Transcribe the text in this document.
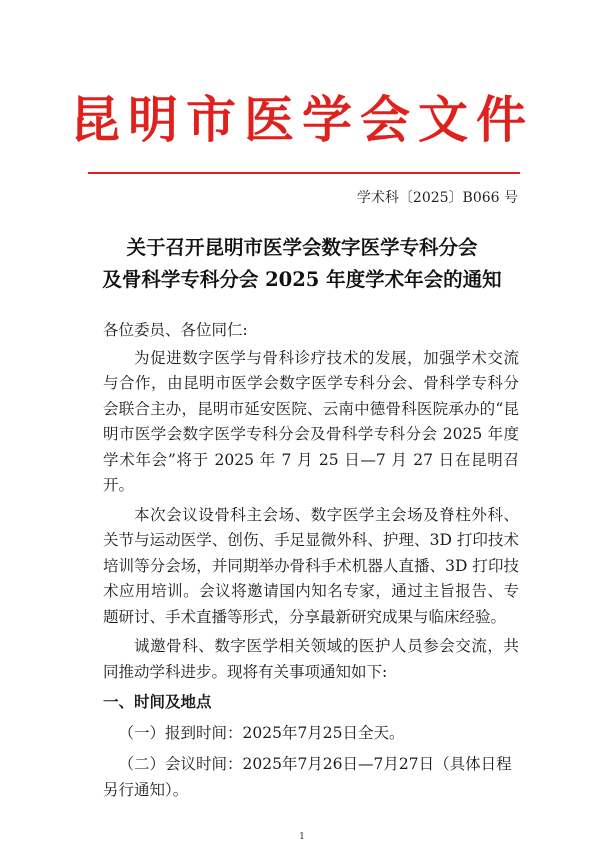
昆明市医学会文件
学术科〔2025〕B066 号
关于召开昆明市医学会数字医学专科分会
及骨科学专科分会 2025 年度学术年会的通知

各位委员、各位同仁:

为促进数字医学与骨科诊疗技术的发展，加强学术交流与合作，由昆明市医学会数字医学专科分会、骨科学专科分会联合主办，昆明市延安医院、云南中德骨科医院承办的“昆明市医学会数字医学专科分会及骨科学专科分会 2025 年度学术年会”将于 2025 年 7 月 25 日—7 月 27 日在昆明召开。

本次会议设骨科主会场、数字医学主会场及脊柱外科、关节与运动医学、创伤、手足显微外科、护理、3D 打印技术培训等分会场，并同期举办骨科手术机器人直播、3D 打印技术应用培训。会议将邀请国内知名专家，通过主旨报告、专题研讨、手术直播等形式，分享最新研究成果与临床经验。

诚邀骨科、数字医学相关领域的医护人员参会交流，共同推动学科进步。现将有关事项通知如下:

一、时间及地点

（一）报到时间：2025年7月25日全天。

（二）会议时间：2025年7月26日—7月27日（具体日程另行通知）。

1
